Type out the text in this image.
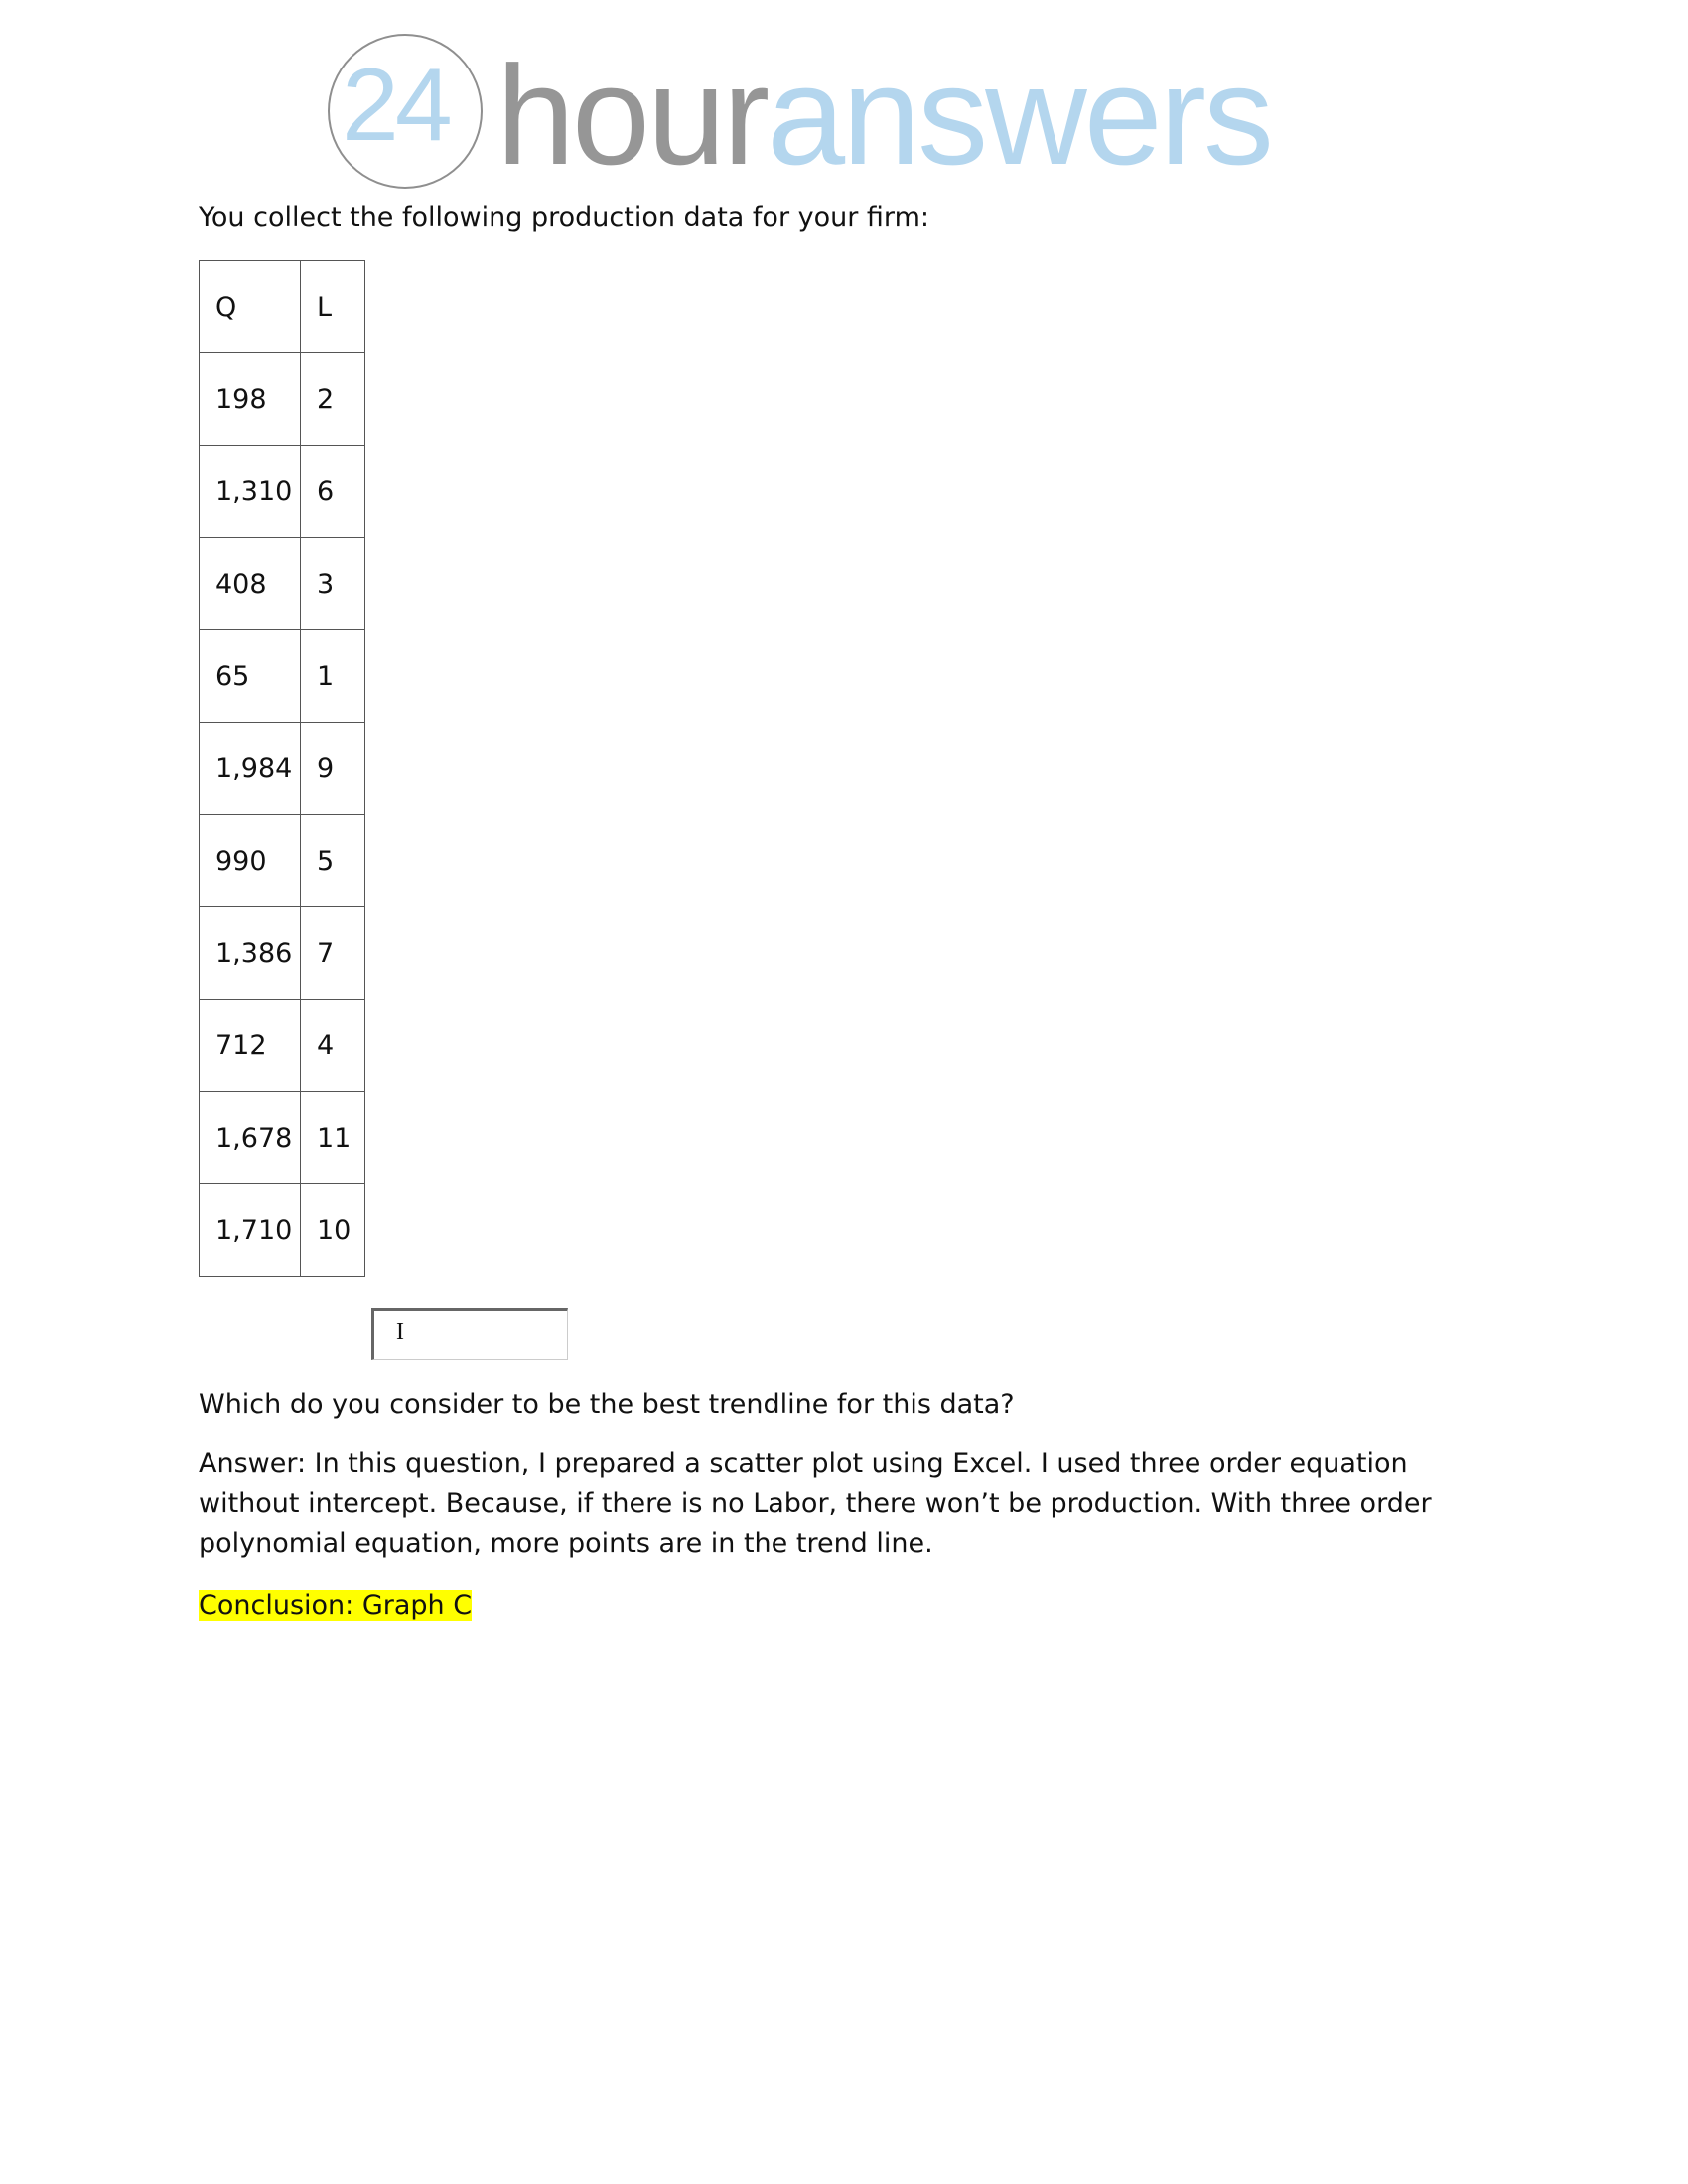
24 houranswers
You collect the following production data for your firm:
Q	L
198	2
1,310	6
408	3
65	1
1,984	9
990	5
1,386	7
712	4
1,678	11
1,710	10
I
Which do you consider to be the best trendline for this data?
Answer: In this question, I prepared a scatter plot using Excel. I used three order equation without intercept. Because, if there is no Labor, there won’t be production. With three order polynomial equation, more points are in the trend line.
Conclusion: Graph C
